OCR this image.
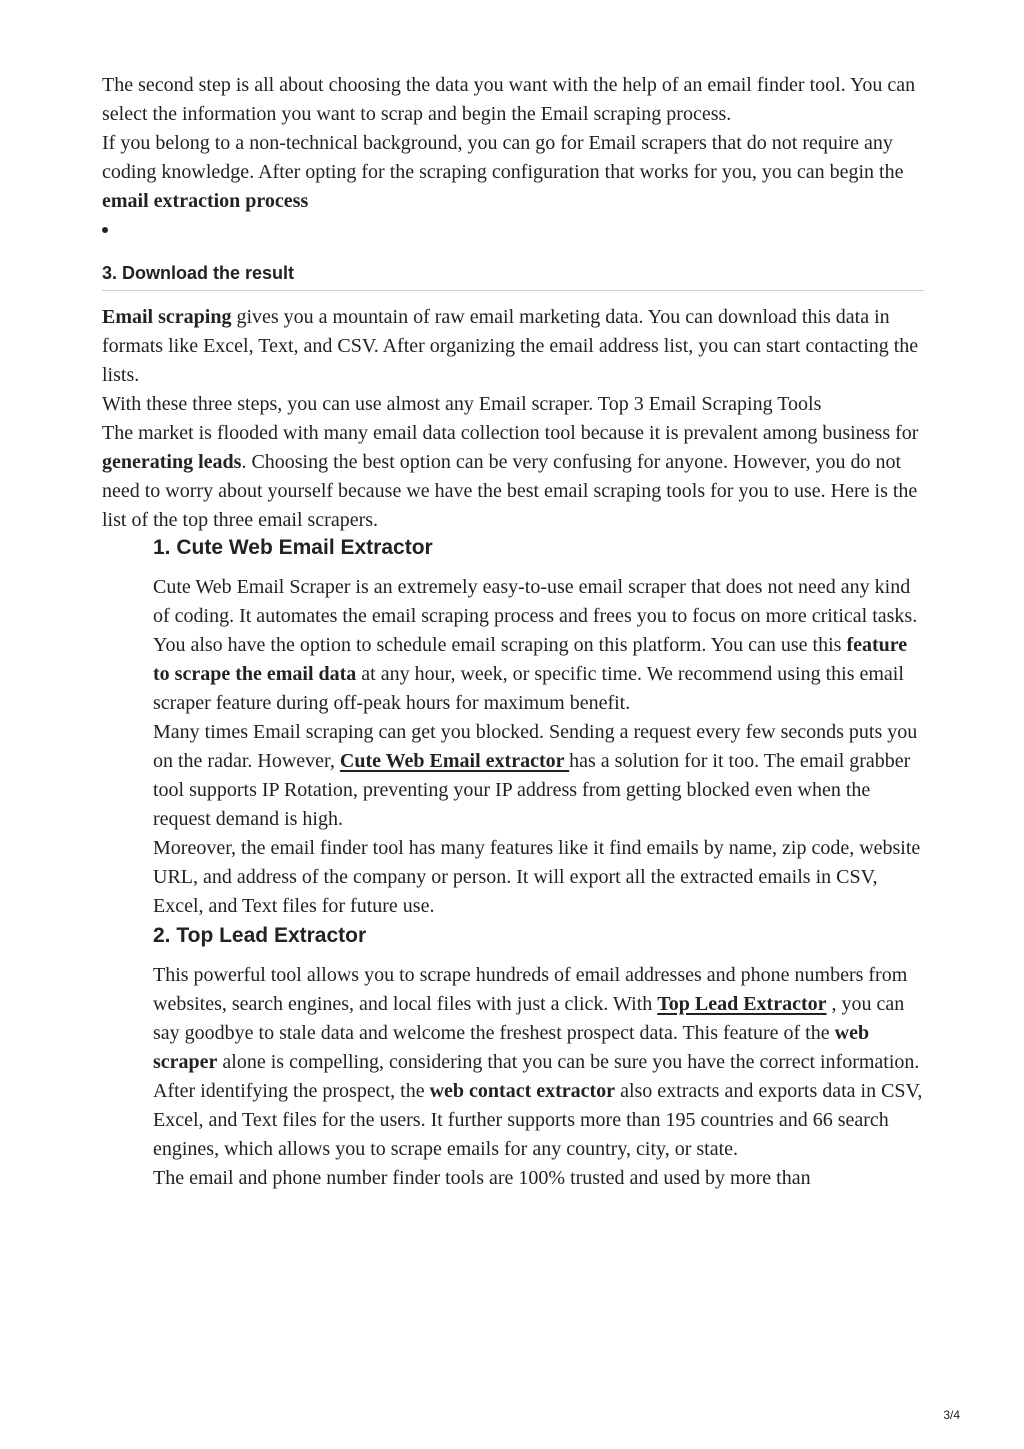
The second step is all about choosing the data you want with the help of an email finder tool. You can select the information you want to scrap and begin the Email scraping process.

If you belong to a non-technical background, you can go for Email scrapers that do not require any coding knowledge. After opting for the scraping configuration that works for you, you can begin the email extraction process

3. Download the result

Email scraping gives you a mountain of raw email marketing data. You can download this data in formats like Excel, Text, and CSV. After organizing the email address list, you can start contacting the lists.

With these three steps, you can use almost any Email scraper. Top 3 Email Scraping Tools

The market is flooded with many email data collection tool because it is prevalent among business for generating leads. Choosing the best option can be very confusing for anyone. However, you do not need to worry about yourself because we have the best email scraping tools for you to use. Here is the list of the top three email scrapers.

1. Cute Web Email Extractor

Cute Web Email Scraper is an extremely easy-to-use email scraper that does not need any kind of coding. It automates the email scraping process and frees you to focus on more critical tasks.

You also have the option to schedule email scraping on this platform. You can use this feature to scrape the email data at any hour, week, or specific time. We recommend using this email scraper feature during off-peak hours for maximum benefit.

Many times Email scraping can get you blocked. Sending a request every few seconds puts you on the radar. However, Cute Web Email extractor has a solution for it too. The email grabber tool supports IP Rotation, preventing your IP address from getting blocked even when the request demand is high.

Moreover, the email finder tool has many features like it find emails by name, zip code, website URL, and address of the company or person. It will export all the extracted emails in CSV, Excel, and Text files for future use.

2. Top Lead Extractor

This powerful tool allows you to scrape hundreds of email addresses and phone numbers from websites, search engines, and local files with just a click. With Top Lead Extractor , you can say goodbye to stale data and welcome the freshest prospect data. This feature of the web scraper alone is compelling, considering that you can be sure you have the correct information.

After identifying the prospect, the web contact extractor also extracts and exports data in CSV, Excel, and Text files for the users. It further supports more than 195 countries and 66 search engines, which allows you to scrape emails for any country, city, or state.

The email and phone number finder tools are 100% trusted and used by more than

3/4
